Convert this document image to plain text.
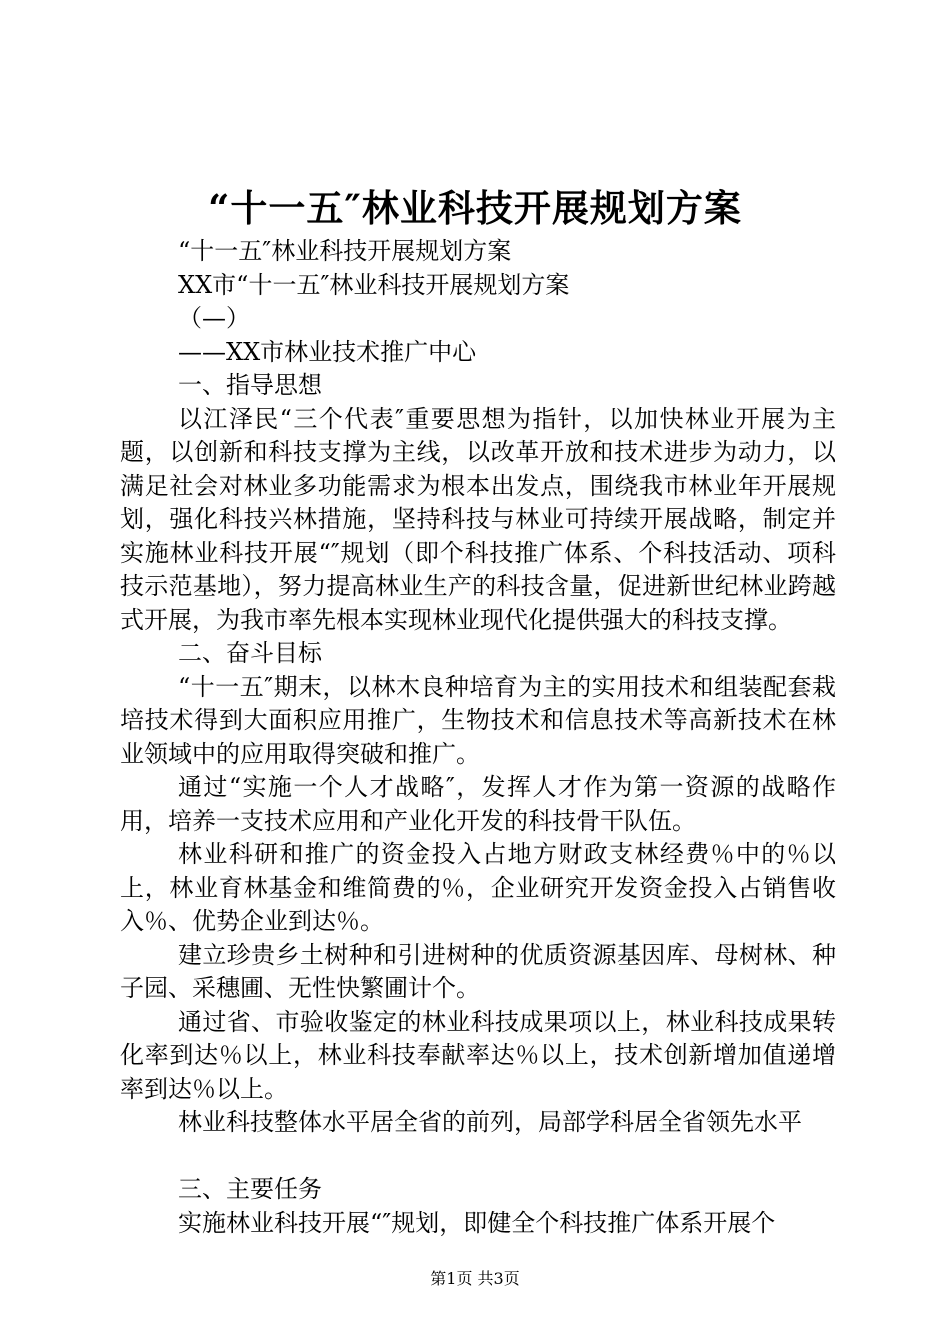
“十一五″林业科技开展规划方案

“十一五″林业科技开展规划方案

XX市“十一五″林业科技开展规划方案

（—）

——XX市林业技术推广中心

一、指导思想

以江泽民“三个代表″重要思想为指针，以加快林业开展为主题，以创新和科技支撑为主线，以改革开放和技术进步为动力，以满足社会对林业多功能需求为根本出发点，围绕我市林业年开展规划，强化科技兴林措施，坚持科技与林业可持续开展战略，制定并实施林业科技开展“″规划（即个科技推广体系、个科技活动、项科技示范基地），努力提高林业生产的科技含量，促进新世纪林业跨越式开展，为我市率先根本实现林业现代化提供强大的科技支撑。

二、奋斗目标

“十一五″期末，以林木良种培育为主的实用技术和组装配套栽培技术得到大面积应用推广，生物技术和信息技术等高新技术在林业领域中的应用取得突破和推广。

通过“实施一个人才战略″，发挥人才作为第一资源的战略作用，培养一支技术应用和产业化开发的科技骨干队伍。

林业科研和推广的资金投入占地方财政支林经费％中的％以上，林业育林基金和维简费的％，企业研究开发资金投入占销售收入％、优势企业到达％。

建立珍贵乡土树种和引进树种的优质资源基因库、母树林、种子园、采穗圃、无性快繁圃计个。

通过省、市验收鉴定的林业科技成果项以上，林业科技成果转化率到达％以上，林业科技奉献率达％以上，技术创新增加值递增率到达％以上。

林业科技整体水平居全省的前列，局部学科居全省领先水平

三、主要任务

实施林业科技开展“″规划，即健全个科技推广体系开展个

第1页 共3页
